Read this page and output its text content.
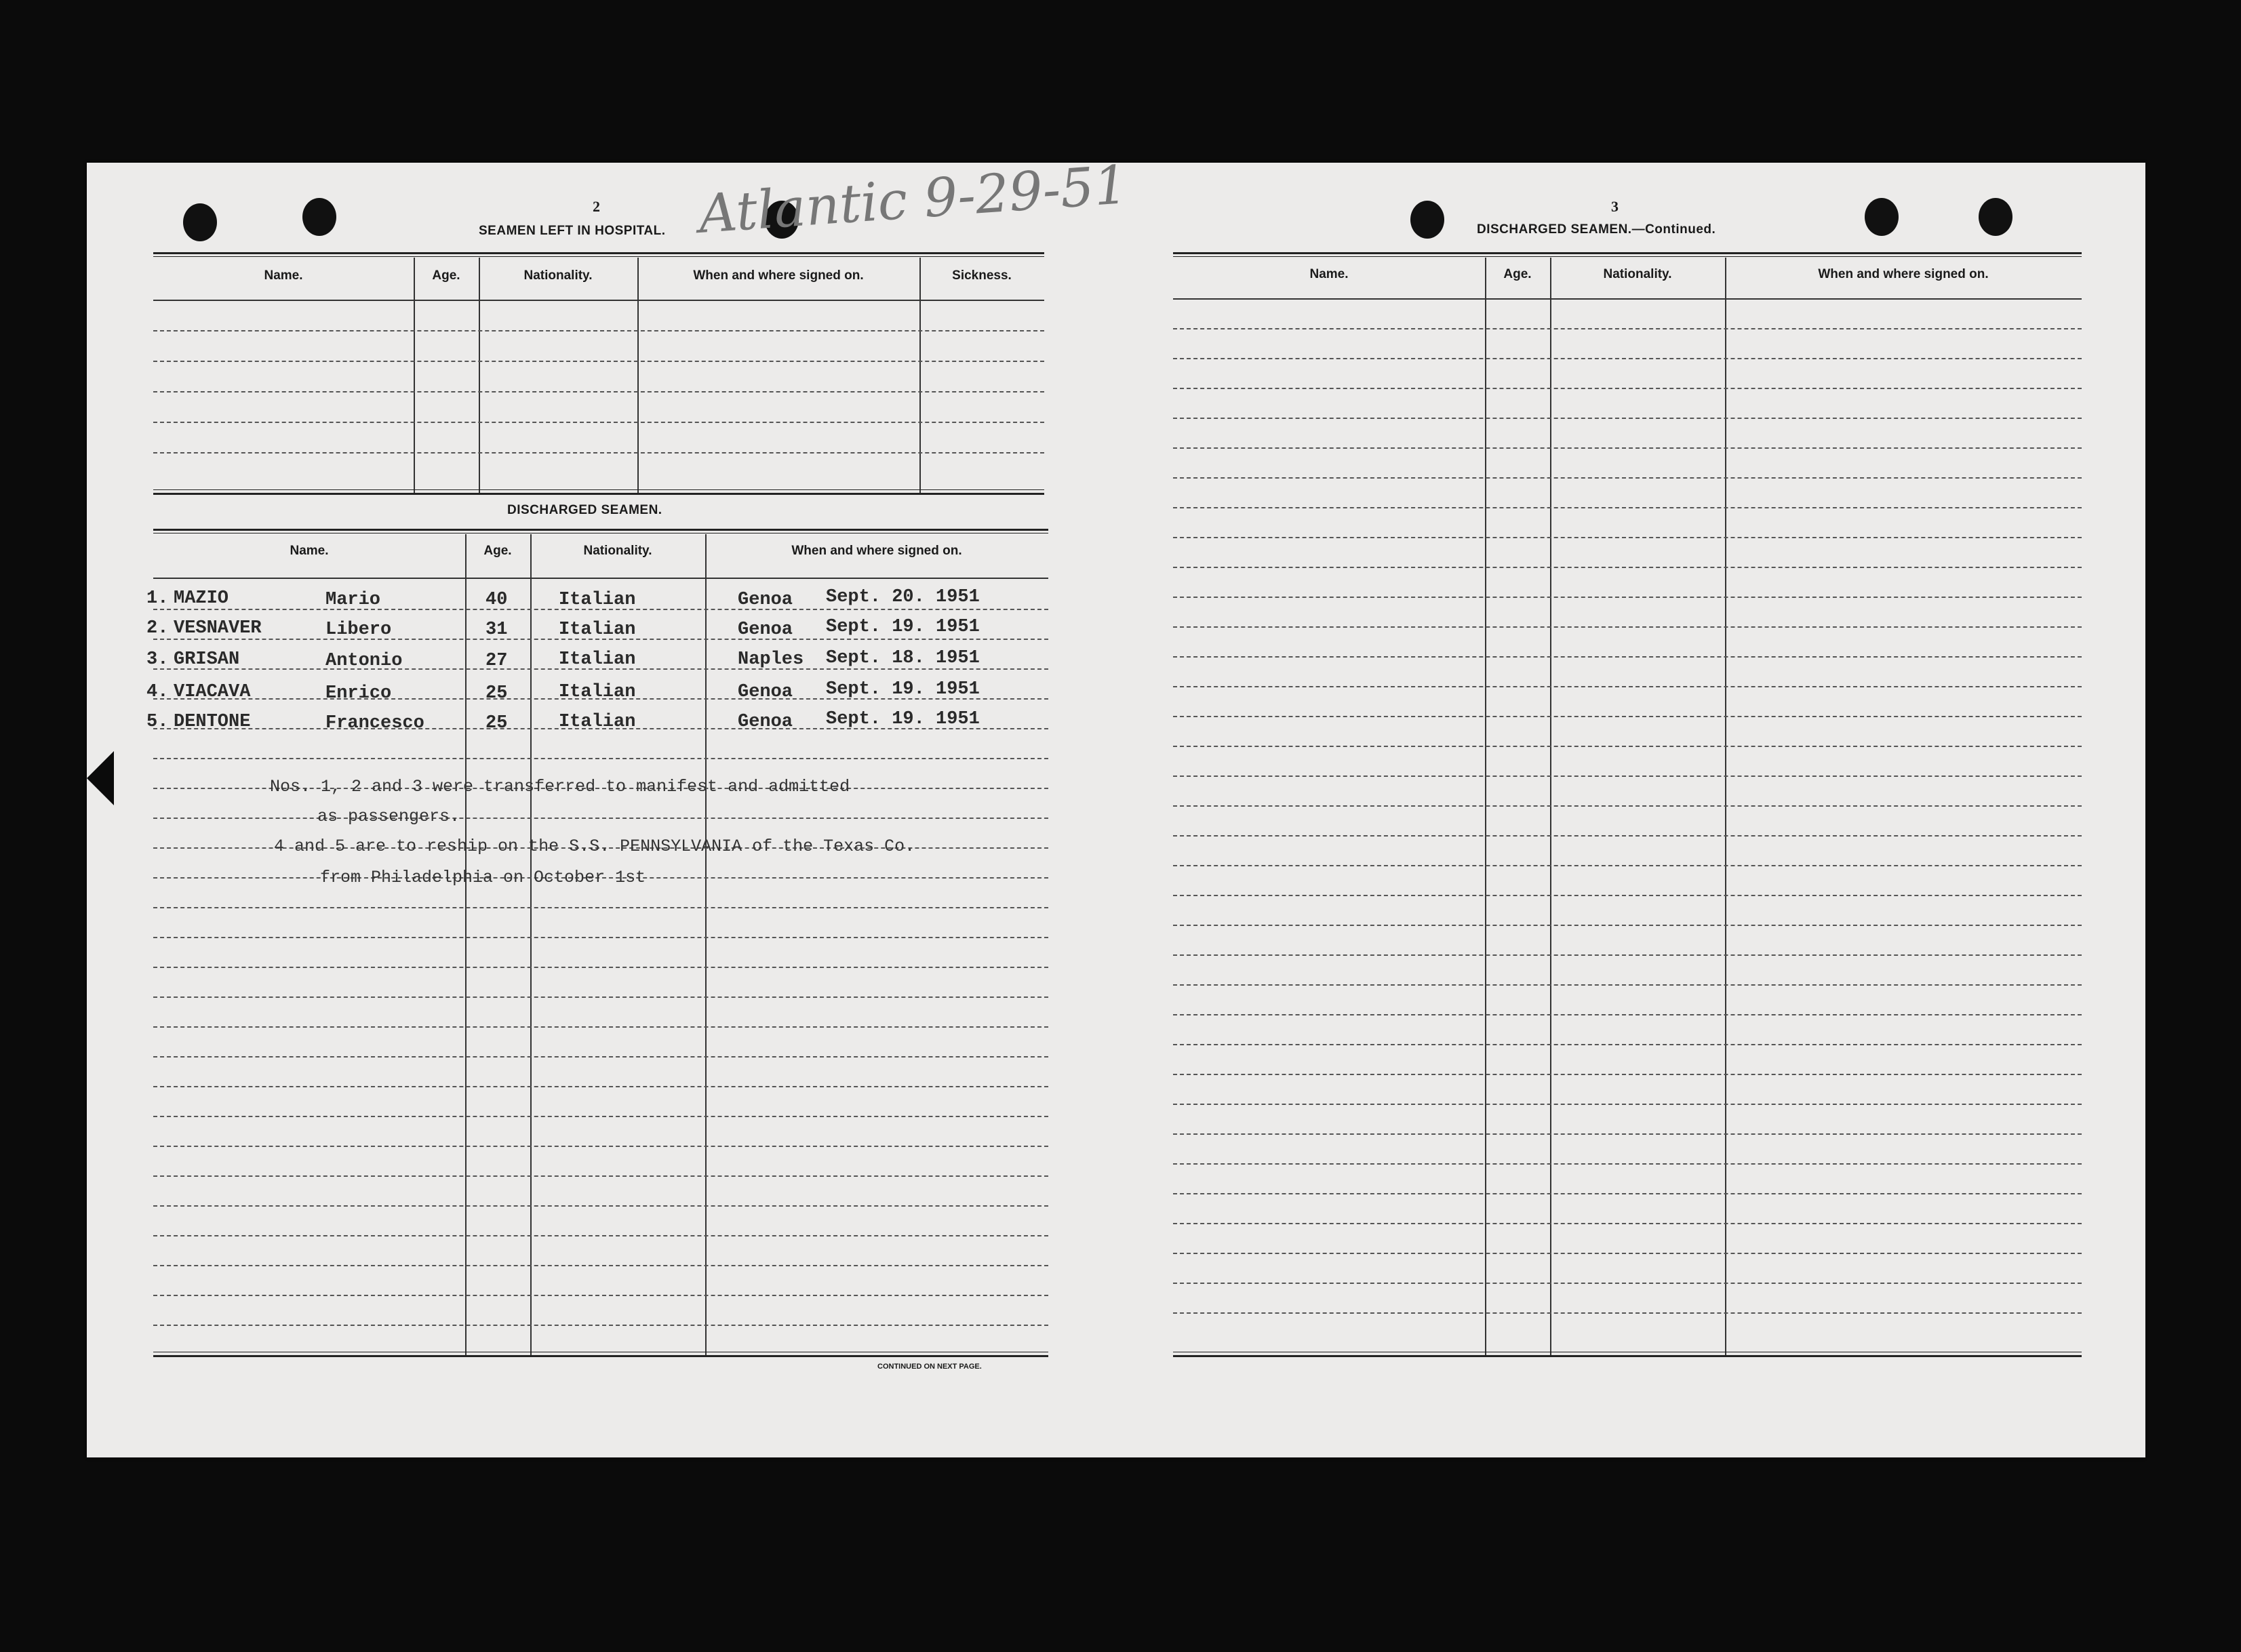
Atlantic 9-29-51
2
SEAMEN LEFT IN HOSPITAL.
Name.	Age.	Nationality.	When and where signed on.	Sickness.
DISCHARGED SEAMEN.
Name.	Age.	Nationality.	When and where signed on.
1. MAZIO	Mario	40	Italian	Genoa Sept. 20. 1951
2. VESNAVER	Libero	31	Italian	Genoa Sept. 19. 1951
3. GRISAN	Antonio	27	Italian	Naples Sept. 18. 1951
4. VIACAVA	Enrico	25	Italian	Genoa Sept. 19. 1951
5. DENTONE	Francesco	25	Italian	Genoa Sept. 19. 1951
Nos. 1, 2 and 3 were transferred to manifest and admitted
as passengers.
4 and 5 are to reship on the S.S. PENNSYLVANIA of the Texas Co.
from Philadelphia on October 1st
CONTINUED ON NEXT PAGE.
3
DISCHARGED SEAMEN.—Continued.
Name.	Age.	Nationality.	When and where signed on.
